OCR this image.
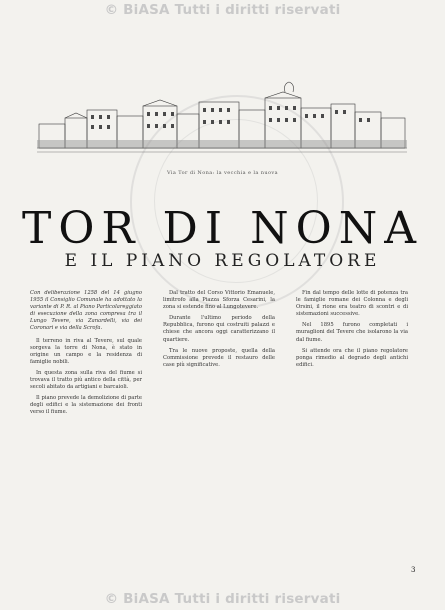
© BiASA Tutti i diritti riservati
Via Tor di Nona: la vecchia e la nuova
TOR DI NONA
E IL PIANO REGOLATORE

Con deliberazione 1258 del 14 giugno 1955 il Consiglio Comunale ha adottato la variante di P. R. al Piano Particolareggiato di esecuzione della zona compresa tra il Lungo Tevere, via Zanardelli, via dei Coronari e via della Scrofa.

Il terreno in riva al Tevere, sul quale sorgeva la torre di Nona, è stato in origine un campo e la residenza di famiglie nobili.

In questa zona sulla riva del fiume si trovava il tratto più antico della città, per secoli abitato da artigiani e barcaioli.

Il piano prevede la demolizione di parte degli edifici e la sistemazione dei fronti verso il fiume.

Dal tratto del Corso Vittorio Emanuele, limitrofo alla Piazza Sforza Cesarini, la zona si estende fino al Lungotevere.

Durante l'ultimo periodo della Repubblica, furono qui costruiti palazzi e chiese che ancora oggi caratterizzano il quartiere.

Tra le nuove proposte, quella della Commissione prevede il restauro delle case più significative.

Fin dal tempo delle lotte di potenza tra le famiglie romane dei Colonna e degli Orsini, il rione era teatro di scontri e di sistemazioni successive.

Nel 1895 furono completati i muraglioni del Tevere che isolarono la via dal fiume.

Si attende ora che il piano regolatore ponga rimedio al degrado degli antichi edifici.

3
© BiASA Tutti i diritti riservati
